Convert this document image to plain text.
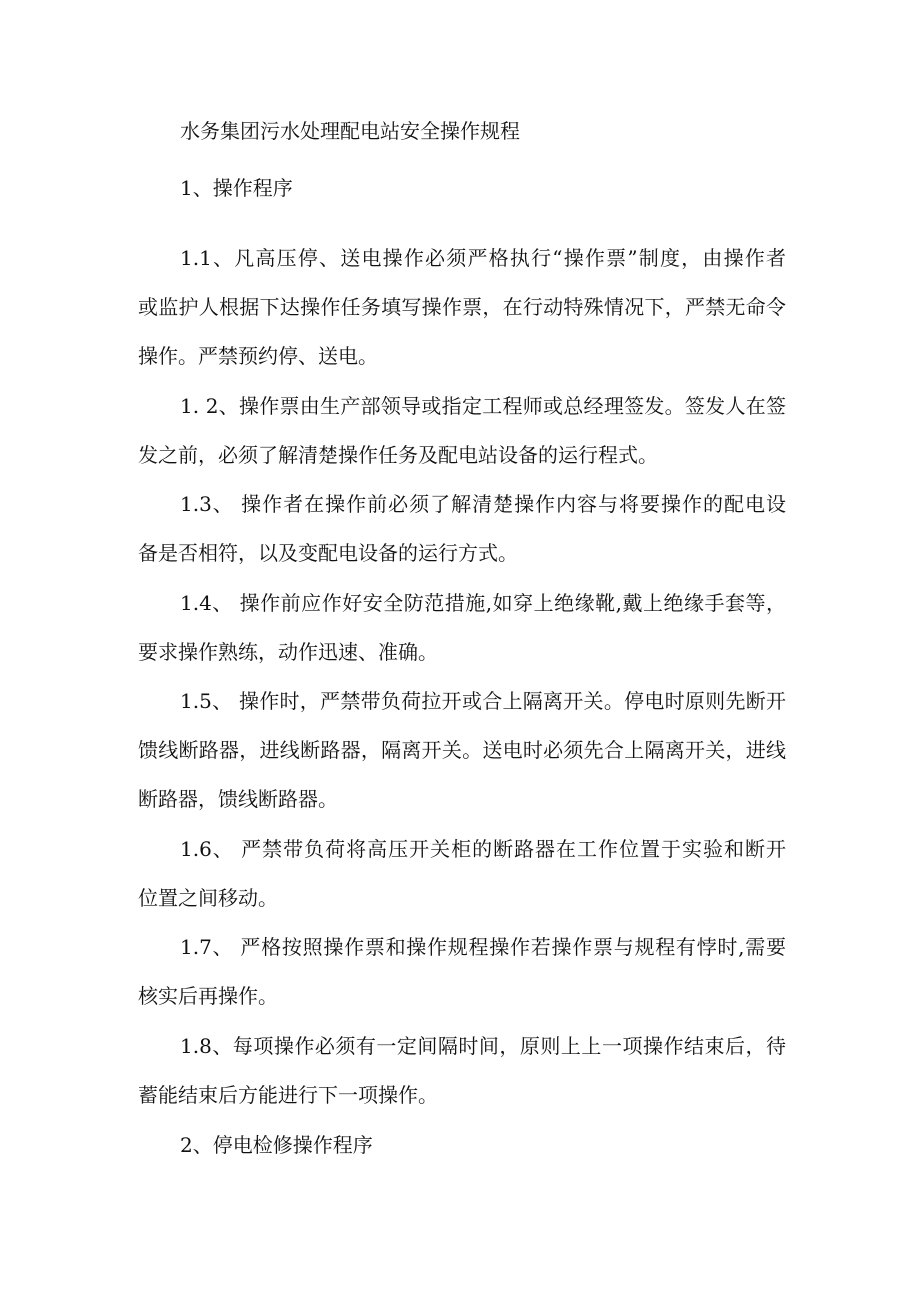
水务集团污水处理配电站安全操作规程

1、操作程序

1.1、凡高压停、送电操作必须严格执行“操作票”制度，由操作者

或监护人根据下达操作任务填写操作票，在行动特殊情况下，严禁无命令

操作。严禁预约停、送电。

1. 2、操作票由生产部领导或指定工程师或总经理签发。签发人在签

发之前，必须了解清楚操作任务及配电站设备的运行程式。

1.3、 操作者在操作前必须了解清楚操作内容与将要操作的配电设

备是否相符，以及变配电设备的运行方式。

1.4、 操作前应作好安全防范措施,如穿上绝缘靴,戴上绝缘手套等，

要求操作熟练，动作迅速、准确。

1.5、 操作时，严禁带负荷拉开或合上隔离开关。停电时原则先断开

馈线断路器，进线断路器，隔离开关。送电时必须先合上隔离开关，进线

断路器，馈线断路器。

1.6、 严禁带负荷将高压开关柜的断路器在工作位置于实验和断开

位置之间移动。

1.7、 严格按照操作票和操作规程操作若操作票与规程有悖时,需要

核实后再操作。

1.8、每项操作必须有一定间隔时间，原则上上一项操作结束后，待

蓄能结束后方能进行下一项操作。

2、停电检修操作程序
